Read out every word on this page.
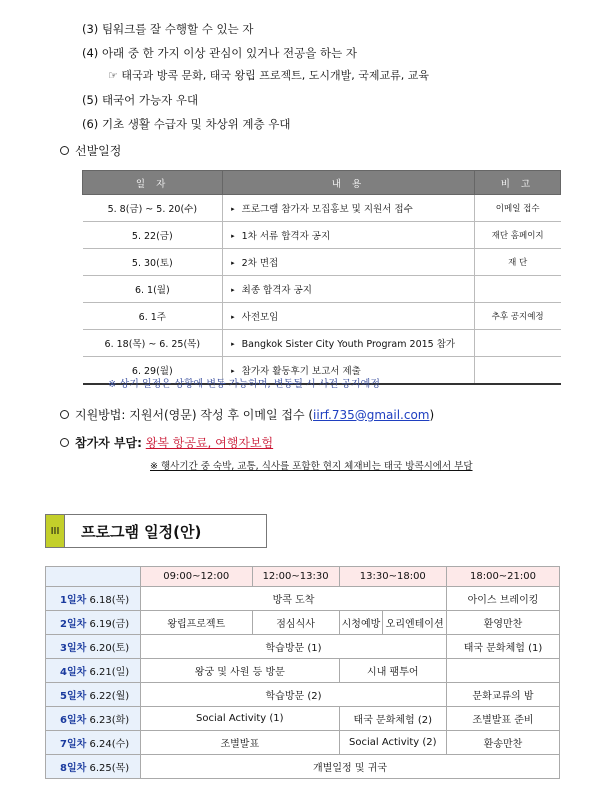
(3) 팀워크를 잘 수행할 수 있는 자
(4) 아래 중 한 가지 이상 관심이 있거나 전공을 하는 자
☞ 태국과 방콕 문화, 태국 왕립 프로젝트, 도시개발, 국제교류, 교육
(5) 태국어 가능자 우대
(6) 기초 생활 수급자 및 차상위 계층 우대
선발일정
일 자	내 용	비 고
5. 8(금) ~ 5. 20(수)	▸ 프로그램 참가자 모집홍보 및 지원서 접수	이메일 접수
5. 22(금)	▸ 1차 서류 합격자 공지	재단 홈페이지
5. 30(토)	▸ 2차 면접	재 단
6. 1(월)	▸ 최종 합격자 공지	
6. 1주	▸ 사전모임	추후 공지예정
6. 18(목) ~ 6. 25(목)	▸ Bangkok Sister City Youth Program 2015 참가	
6. 29(월)	▸ 참가자 활동후기 보고서 제출	
※ 상기 일정은 상황에 변동 가능하며, 변동될 시 사전 공지예정
지원방법: 지원서(영문) 작성 후 이메일 접수 ( iirf.735@gmail.com )
참가자 부담:
왕복 항공료, 여행자보험
※ 행사기간 중 숙박, 교통, 식사를 포함한 현지 체재비는 태국 방콕시에서 부담
III	프로그램 일정(안)
	09:00~12:00	12:00~13:30	13:30~18:00		18:00~21:00
1일차 6.18(목)	방콕 도착				아이스 브레이킹
2일차 6.19(금)	왕립프로젝트	점심식사	시청예방	오리엔테이션	환영만찬
3일차 6.20(토)	학습방문 (1)				태국 문화체험 (1)
4일차 6.21(일)	왕궁 및 사원 등 방문		시내 팸투어		
5일차 6.22(월)	학습방문 (2)				문화교류의 밤
6일차 6.23(화)	Social Activity (1)		태국 문화체험 (2)		조별발표 준비
7일차 6.24(수)	조별발표		Social Activity (2)		환송만찬
8일차 6.25(목)	개별일정 및 귀국				
